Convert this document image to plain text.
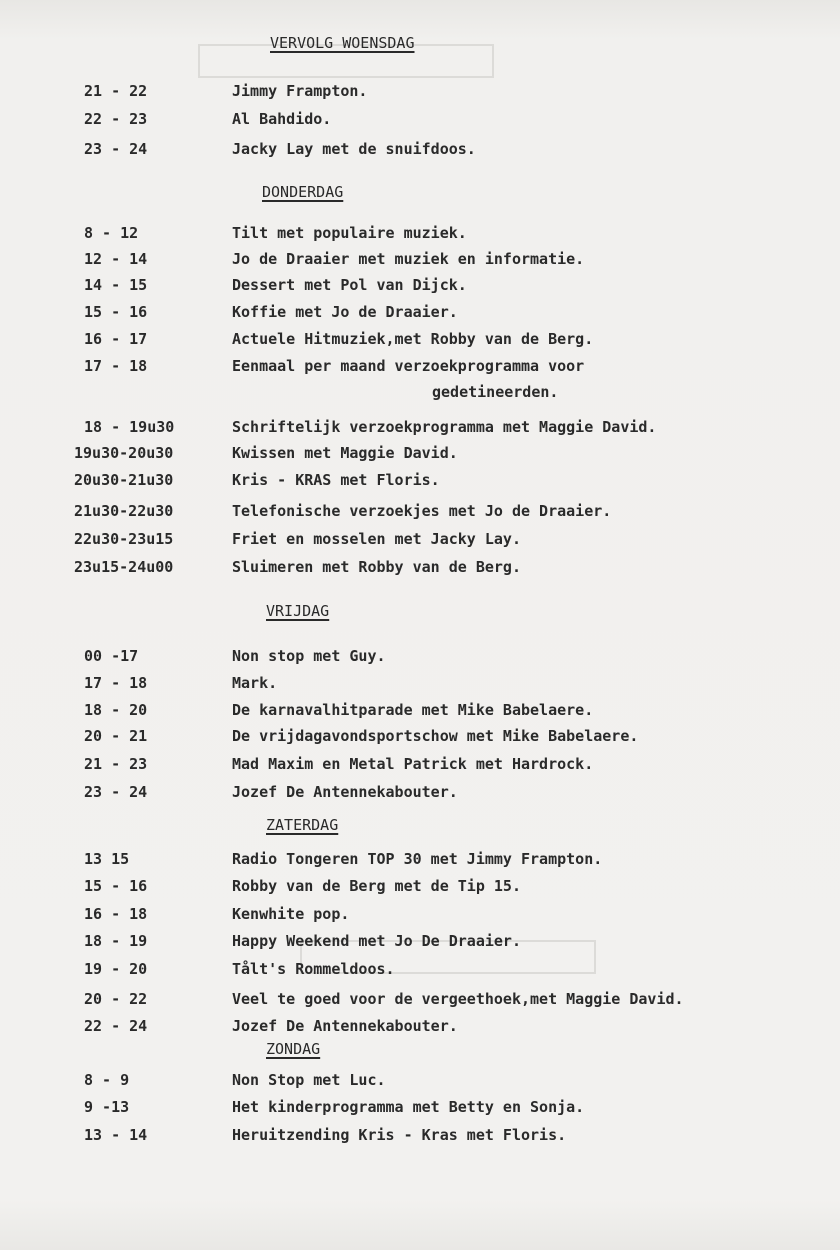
VERVOLG WOENSDAG
21 - 22	Jimmy Frampton.
22 - 23	Al Bahdido.
23 - 24	Jacky Lay met de snuifdoos.
DONDERDAG
8 - 12	Tilt met populaire muziek.
12 - 14	Jo de Draaier met muziek en informatie.
14 - 15	Dessert met Pol van Dijck.
15 - 16	Koffie met Jo de Draaier.
16 - 17	Actuele Hitmuziek,met Robby van de Berg.
17 - 18	Eenmaal per maand verzoekprogramma voor
gedetineerden.
18 - 19u30	Schriftelijk verzoekprogramma met Maggie David.
19u30-20u30	Kwissen met Maggie David.
20u30-21u30	Kris - KRAS met Floris.
21u30-22u30	Telefonische verzoekjes met Jo de Draaier.
22u30-23u15	Friet en mosselen met Jacky Lay.
23u15-24u00	Sluimeren met Robby van de Berg.
VRIJDAG
00 -17	Non stop met Guy.
17 - 18	Mark.
18 - 20	De karnavalhitparade met Mike Babelaere.
20 - 21	De vrijdagavondsportschow met Mike Babelaere.
21 - 23	Mad Maxim en Metal Patrick met Hardrock.
23 - 24	Jozef De Antennekabouter.
ZATERDAG
13 15	Radio Tongeren TOP 30 met Jimmy Frampton.
15 - 16	Robby van de Berg met de Tip 15.
16 - 18	Kenwhite pop.
18 - 19	Happy Weekend met Jo De Draaier.
19 - 20	Tålt's Rommeldoos.
20 - 22	Veel te goed voor de vergeethoek,met Maggie David.
22 - 24	Jozef De Antennekabouter.
ZONDAG
8 - 9	Non Stop met Luc.
9 -13	Het kinderprogramma met Betty en Sonja.
13 - 14	Heruitzending Kris - Kras met Floris.
